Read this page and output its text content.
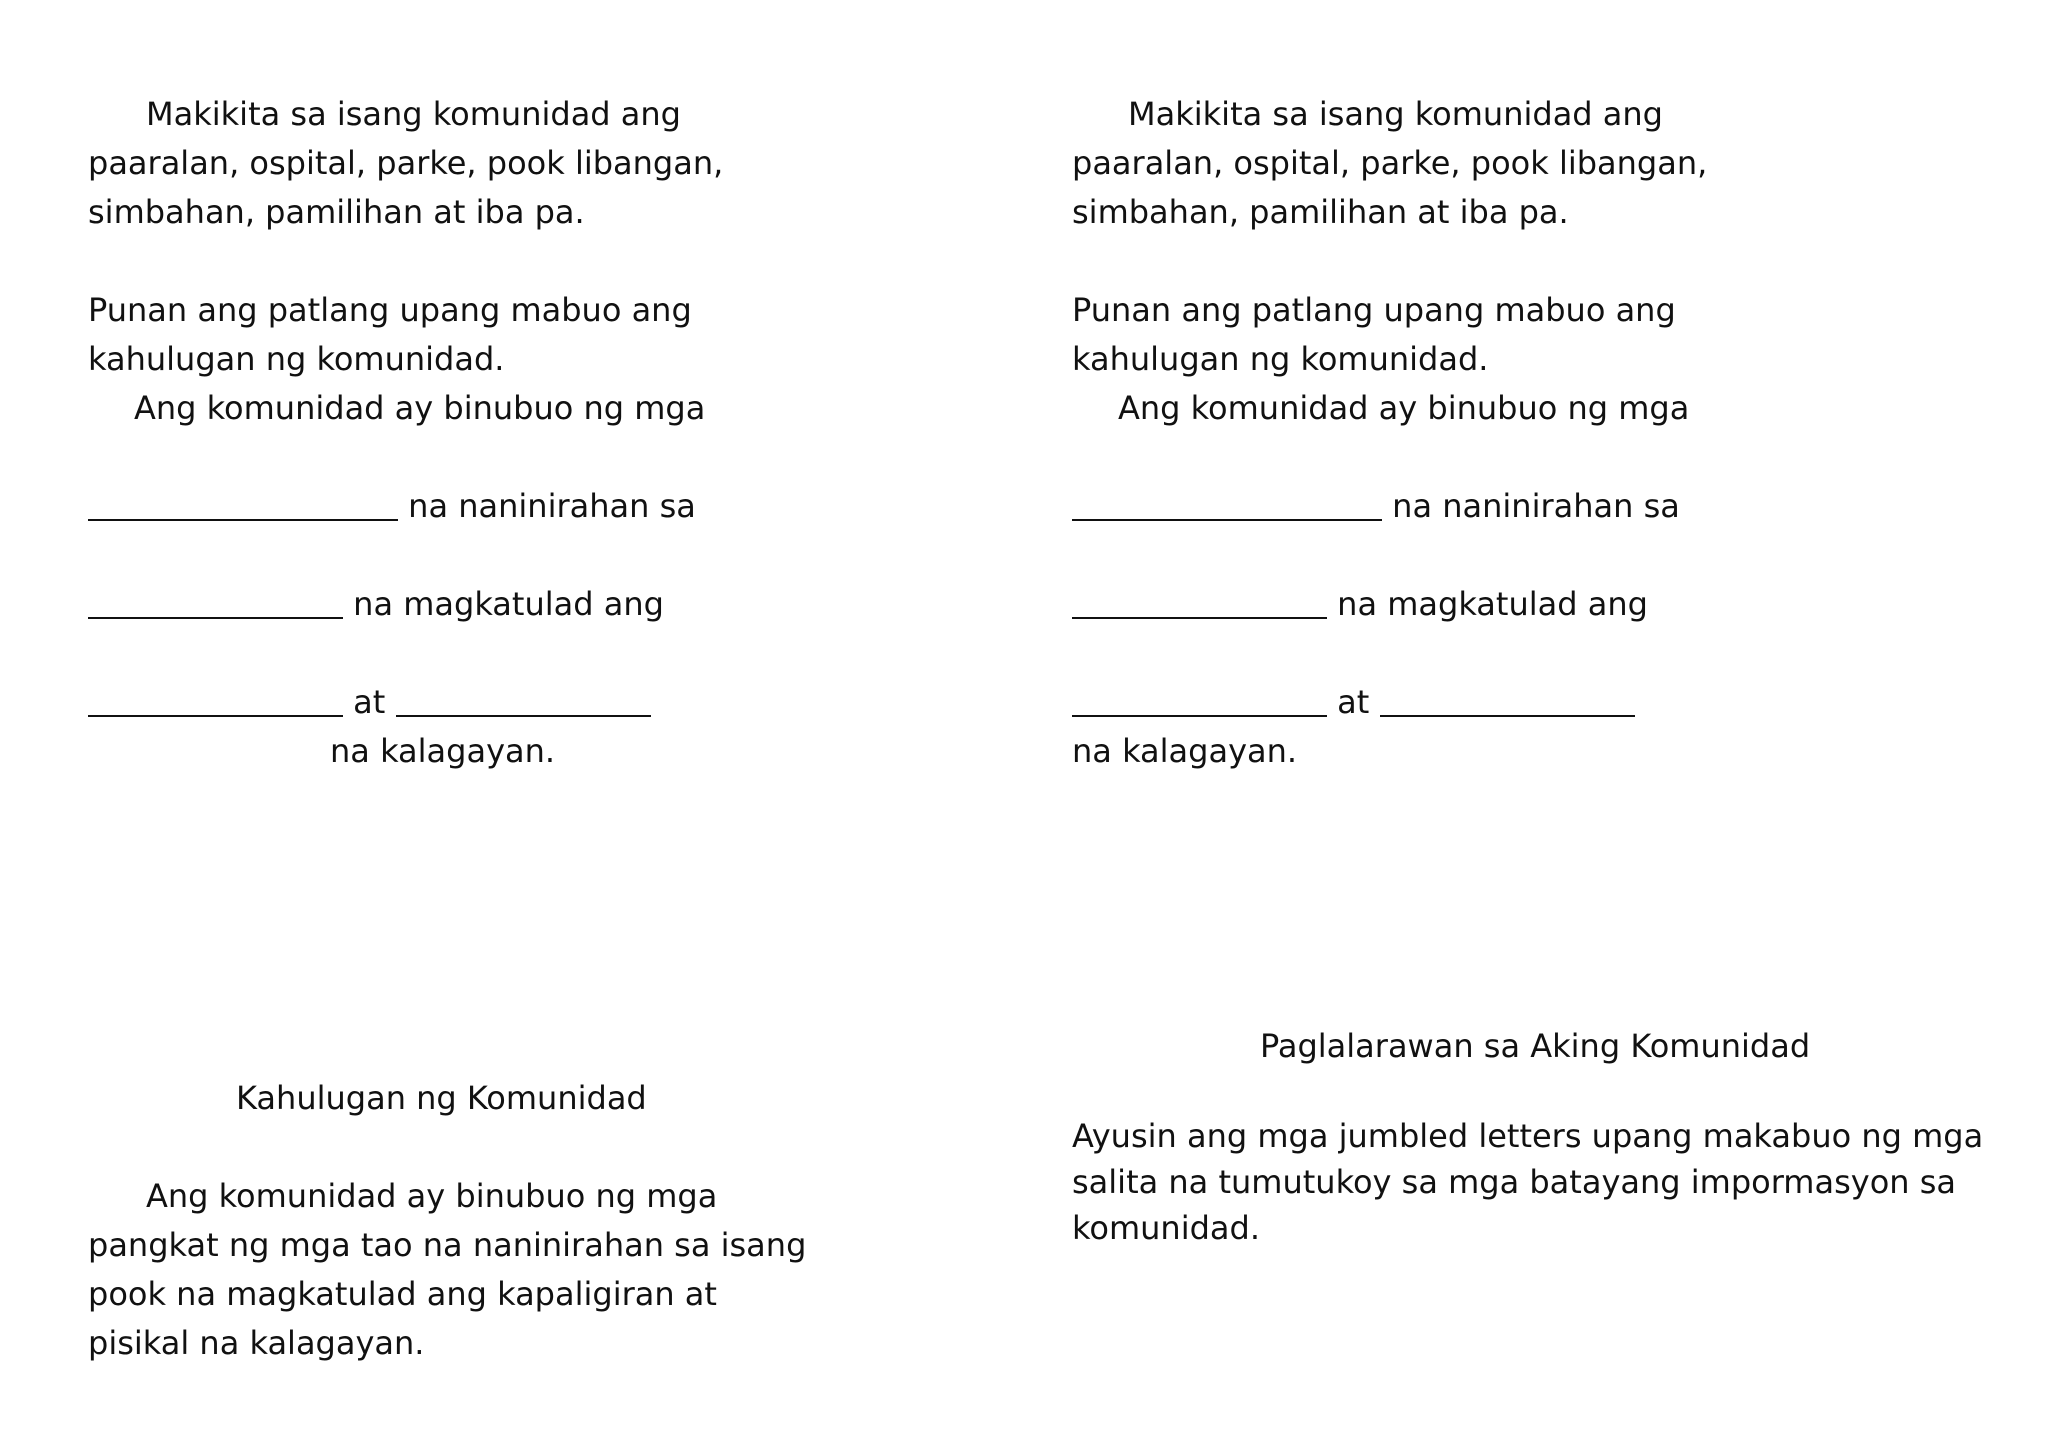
Makikita sa isang komunidad ang
paaralan, ospital, parke, pook libangan,
simbahan, pamilihan at iba pa.
Punan ang patlang upang mabuo ang
kahulugan ng komunidad.
Ang komunidad ay binubuo ng mga
na naninirahan sa
na magkatulad ang
at
na kalagayan.
Makikita sa isang komunidad ang
paaralan, ospital, parke, pook libangan,
simbahan, pamilihan at iba pa.
Punan ang patlang upang mabuo ang
kahulugan ng komunidad.
Ang komunidad ay binubuo ng mga
na naninirahan sa
na magkatulad ang
at
na kalagayan.
Kahulugan ng Komunidad
Ang komunidad ay binubuo ng mga
pangkat ng mga tao na naninirahan sa isang
pook na magkatulad ang kapaligiran at
pisikal na kalagayan.
Paglalarawan sa Aking Komunidad
Ayusin ang mga jumbled letters upang makabuo ng mga
salita na tumutukoy sa mga batayang impormasyon sa
komunidad.
